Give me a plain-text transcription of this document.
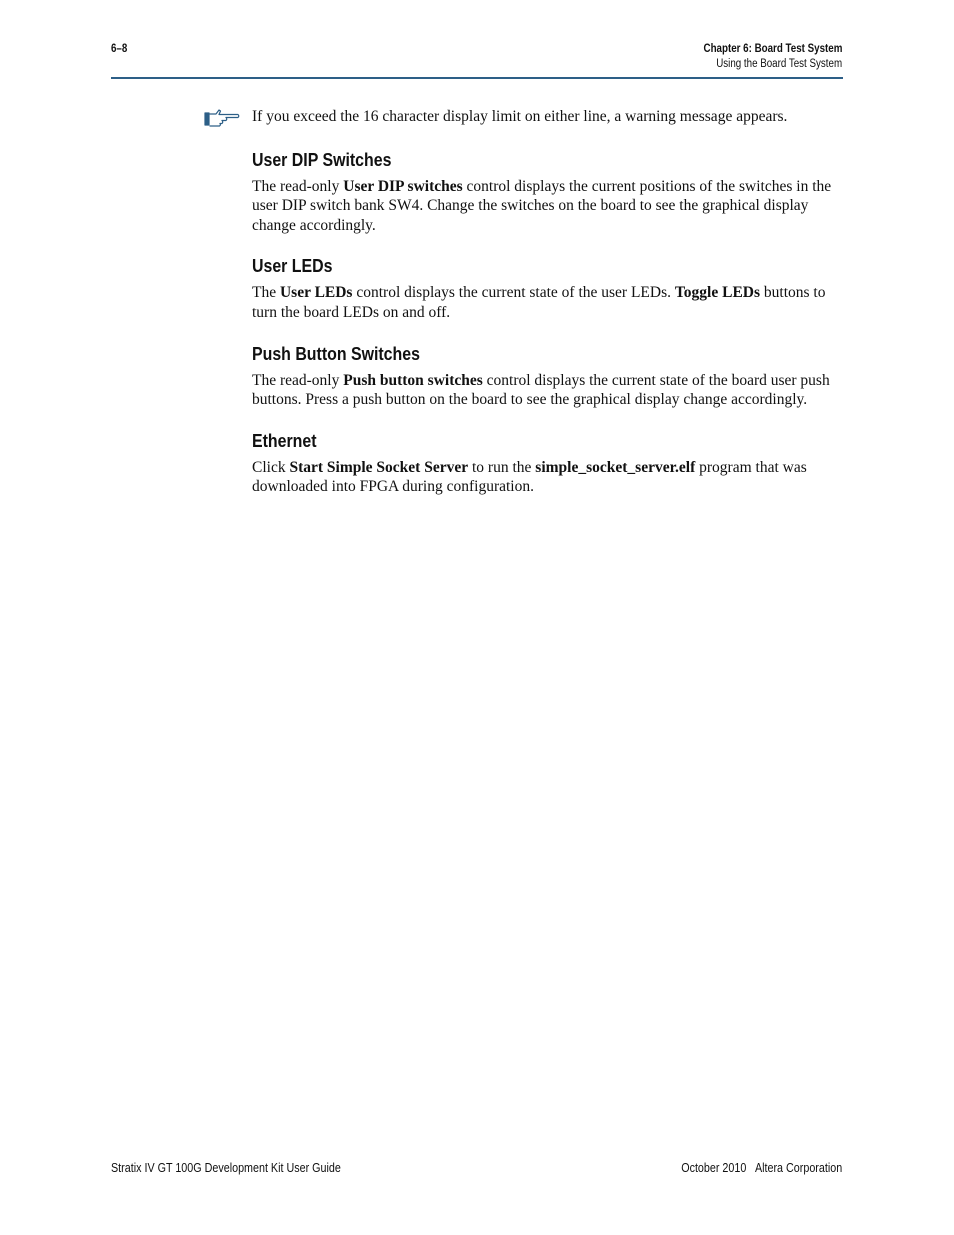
6–8	Chapter 6: Board Test System
Using the Board Test System

If you exceed the 16 character display limit on either line, a warning message appears.

User DIP Switches

The read-only User DIP switches control displays the current positions of the switches in the user DIP switch bank SW4. Change the switches on the board to see the graphical display change accordingly.

User LEDs

The User LEDs control displays the current state of the user LEDs. Toggle LEDs buttons to turn the board LEDs on and off.

Push Button Switches

The read-only Push button switches control displays the current state of the board user push buttons. Press a push button on the board to see the graphical display change accordingly.

Ethernet

Click Start Simple Socket Server to run the simple_socket_server.elf program that was downloaded into FPGA during configuration.

Stratix IV GT 100G Development Kit User Guide	October 2010 Altera Corporation
